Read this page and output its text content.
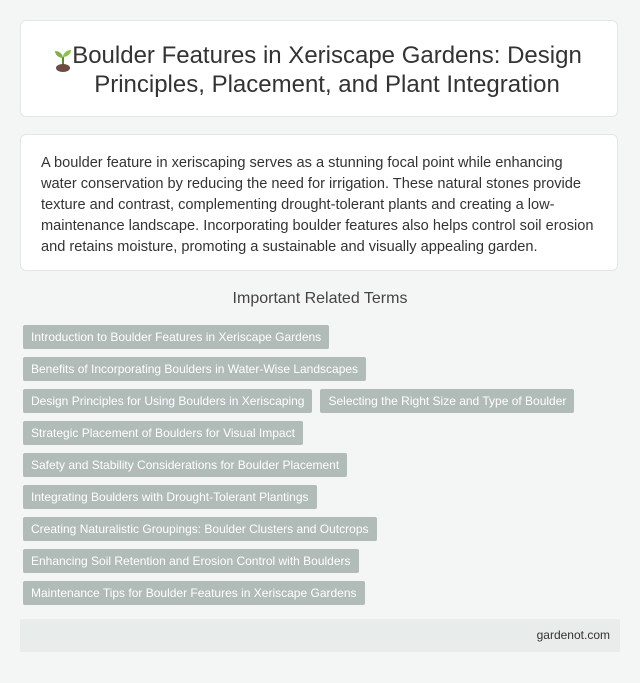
Boulder Features in Xeriscape Gardens: Design Principles, Placement, and Plant Integration
A boulder feature in xeriscaping serves as a stunning focal point while enhancing water conservation by reducing the need for irrigation. These natural stones provide texture and contrast, complementing drought-tolerant plants and creating a low-maintenance landscape. Incorporating boulder features also helps control soil erosion and retains moisture, promoting a sustainable and visually appealing garden.
Important Related Terms
Introduction to Boulder Features in Xeriscape Gardens
Benefits of Incorporating Boulders in Water-Wise Landscapes
Design Principles for Using Boulders in Xeriscaping	Selecting the Right Size and Type of Boulder
Strategic Placement of Boulders for Visual Impact
Safety and Stability Considerations for Boulder Placement
Integrating Boulders with Drought-Tolerant Plantings
Creating Naturalistic Groupings: Boulder Clusters and Outcrops
Enhancing Soil Retention and Erosion Control with Boulders
Maintenance Tips for Boulder Features in Xeriscape Gardens
gardenot.com
